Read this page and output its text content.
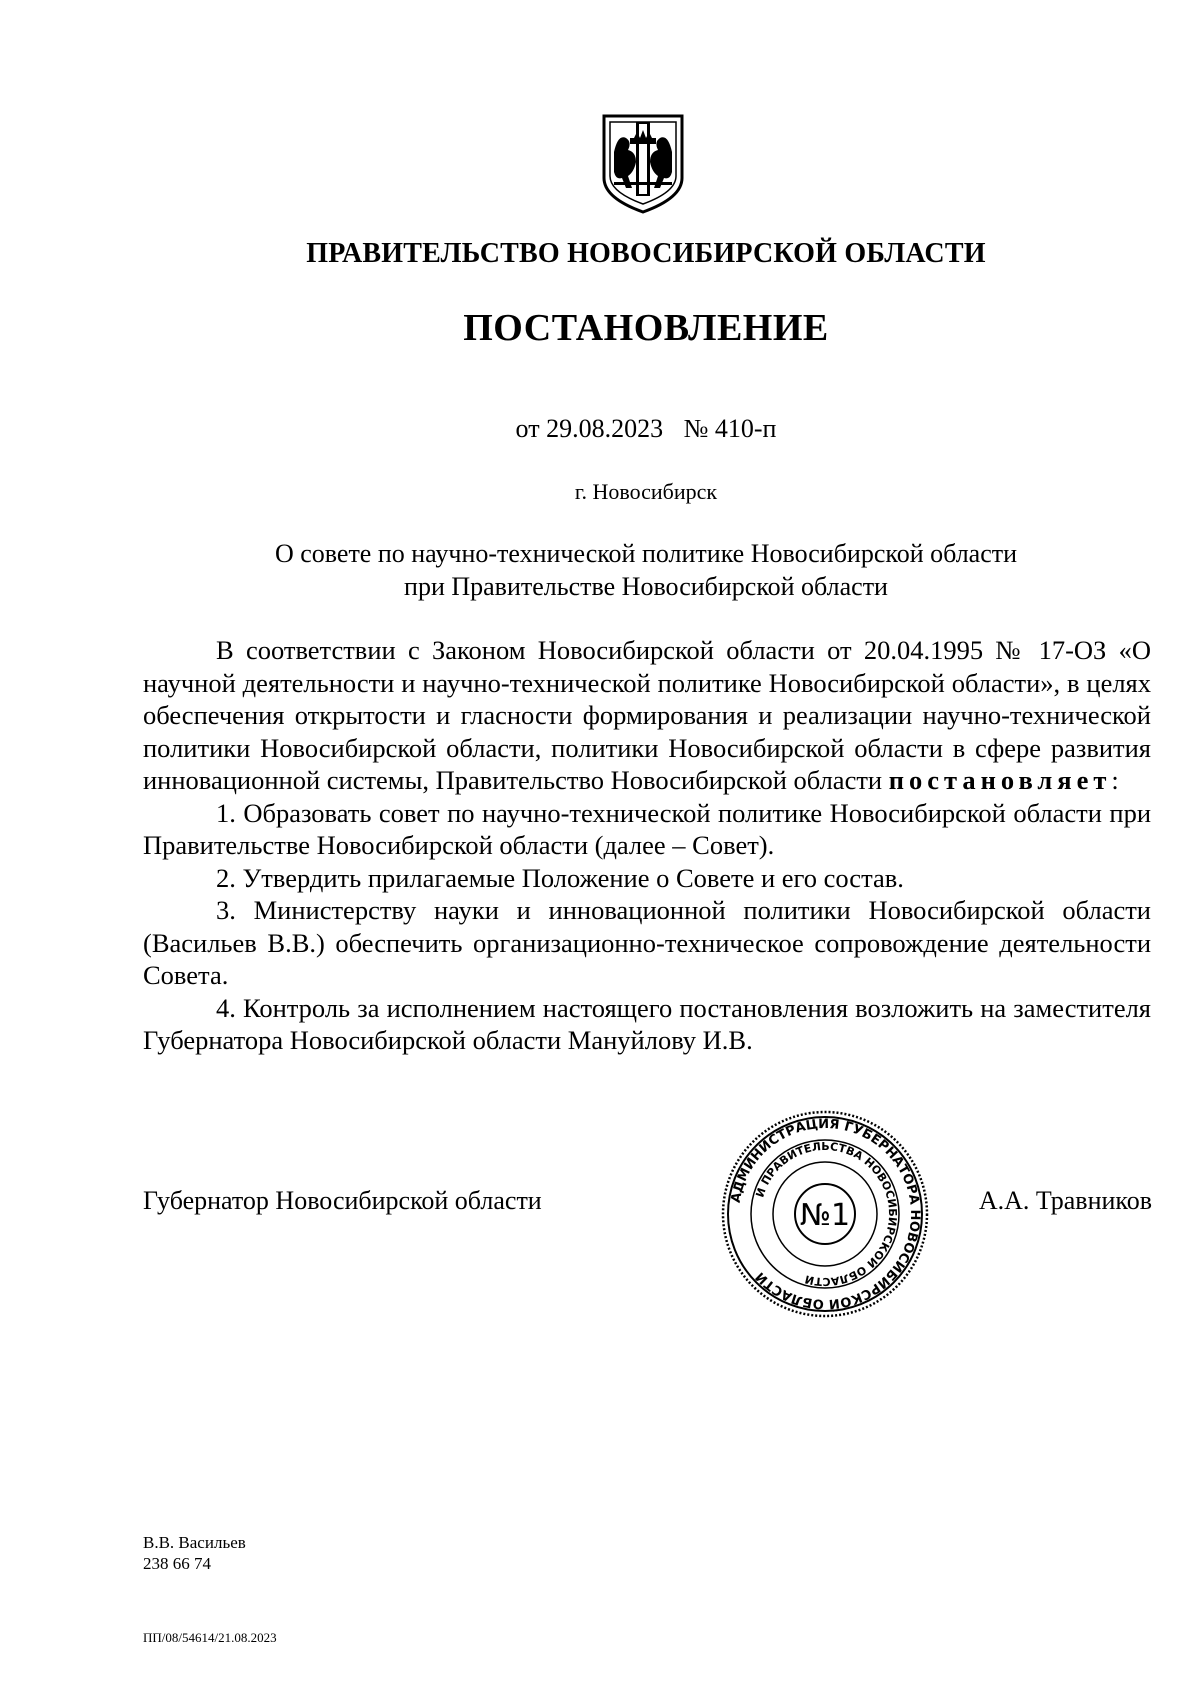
ПРАВИТЕЛЬСТВО НОВОСИБИРСКОЙ ОБЛАСТИ
ПОСТАНОВЛЕНИЕ
от 29.08.2023 № 410-п
г. Новосибирск
О совете по научно-технической политике Новосибирской области
при Правительстве Новосибирской области

В соответствии с Законом Новосибирской области от 20.04.1995 № 17-ОЗ «О научной деятельности и научно-технической политике Новосибирской области», в целях обеспечения открытости и гласности формирования и реализации научно-технической политики Новосибирской области, политики Новосибирской области в сфере развития инновационной системы, Правительство Новосибирской области постановляет:

1. Образовать совет по научно-технической политике Новосибирской области при Правительстве Новосибирской области (далее – Совет).

2. Утвердить прилагаемые Положение о Совете и его состав.

3. Министерству науки и инновационной политики Новосибирской области (Васильев В.В.) обеспечить организационно-техническое сопровождение деятельности Совета.

4. Контроль за исполнением настоящего постановления возложить на заместителя Губернатора Новосибирской области Мануйлову И.В.

Губернатор Новосибирской области	А.А. Травников
АДМИНИСТРАЦИЯ ГУБЕРНАТОРА НОВОСИБИРСКОЙ ОБЛАСТИ
И ПРАВИТЕЛЬСТВА НОВОСИБИРСКОЙ ОБЛАСТИ
№1
В.В. Васильев
238 66 74
ПП/08/54614/21.08.2023
